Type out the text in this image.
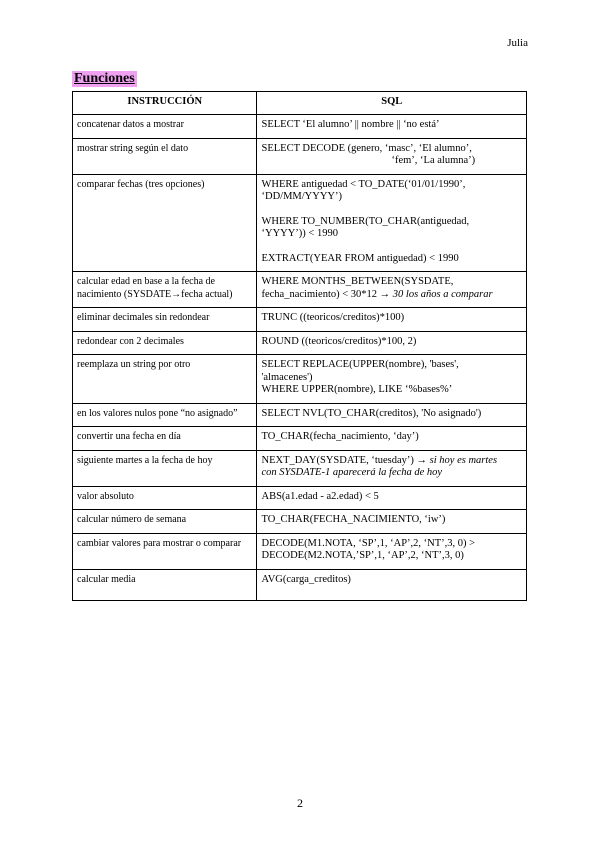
Julia
Funciones
INSTRUCCIÓN	SQL
concatenar datos a mostrar	SELECT ‘El alumno’ || nombre || ‘no está’

mostrar string según el dato	SELECT DECODE (genero, ‘masc’, ‘El alumno’,
‘fem’, ‘La alumna’)

comparar fechas (tres opciones)	WHERE antiguedad < TO_DATE(‘01/01/1990’,
‘DD/MM/YYYY’)
WHERE TO_NUMBER(TO_CHAR(antiguedad,
‘YYYY’)) < 1990
EXTRACT(YEAR FROM antiguedad) < 1990

calcular edad en base a la fecha de nacimiento (SYSDATE→fecha actual)	WHERE MONTHS_BETWEEN(SYSDATE,
fecha_nacimiento) < 30*12 → 30 los años a comparar

eliminar decimales sin redondear	TRUNC ((teoricos/creditos)*100)

redondear con 2 decimales	ROUND ((teoricos/creditos)*100, 2)

reemplaza un string por otro	SELECT REPLACE(UPPER(nombre), 'bases',
'almacenes')
WHERE UPPER(nombre), LIKE ‘%bases%’

en los valores nulos pone “no asignado”	SELECT NVL(TO_CHAR(creditos), 'No asignado')

convertir una fecha en día	TO_CHAR(fecha_nacimiento, ‘day’)

siguiente martes a la fecha de hoy	NEXT_DAY(SYSDATE, ‘tuesday’) → si hoy es martes
con SYSDATE-1 aparecerá la fecha de hoy

valor absoluto	ABS(a1.edad - a2.edad) < 5

calcular número de semana	TO_CHAR(FECHA_NACIMIENTO, ‘iw’)

cambiar valores para mostrar o comparar	DECODE(M1.NOTA, ‘SP’,1, ‘AP’,2, ‘NT’,3, 0) >
DECODE(M2.NOTA,’SP’,1, ‘AP’,2, ‘NT’,3, 0)

calcular media	AVG(carga_creditos)
2
